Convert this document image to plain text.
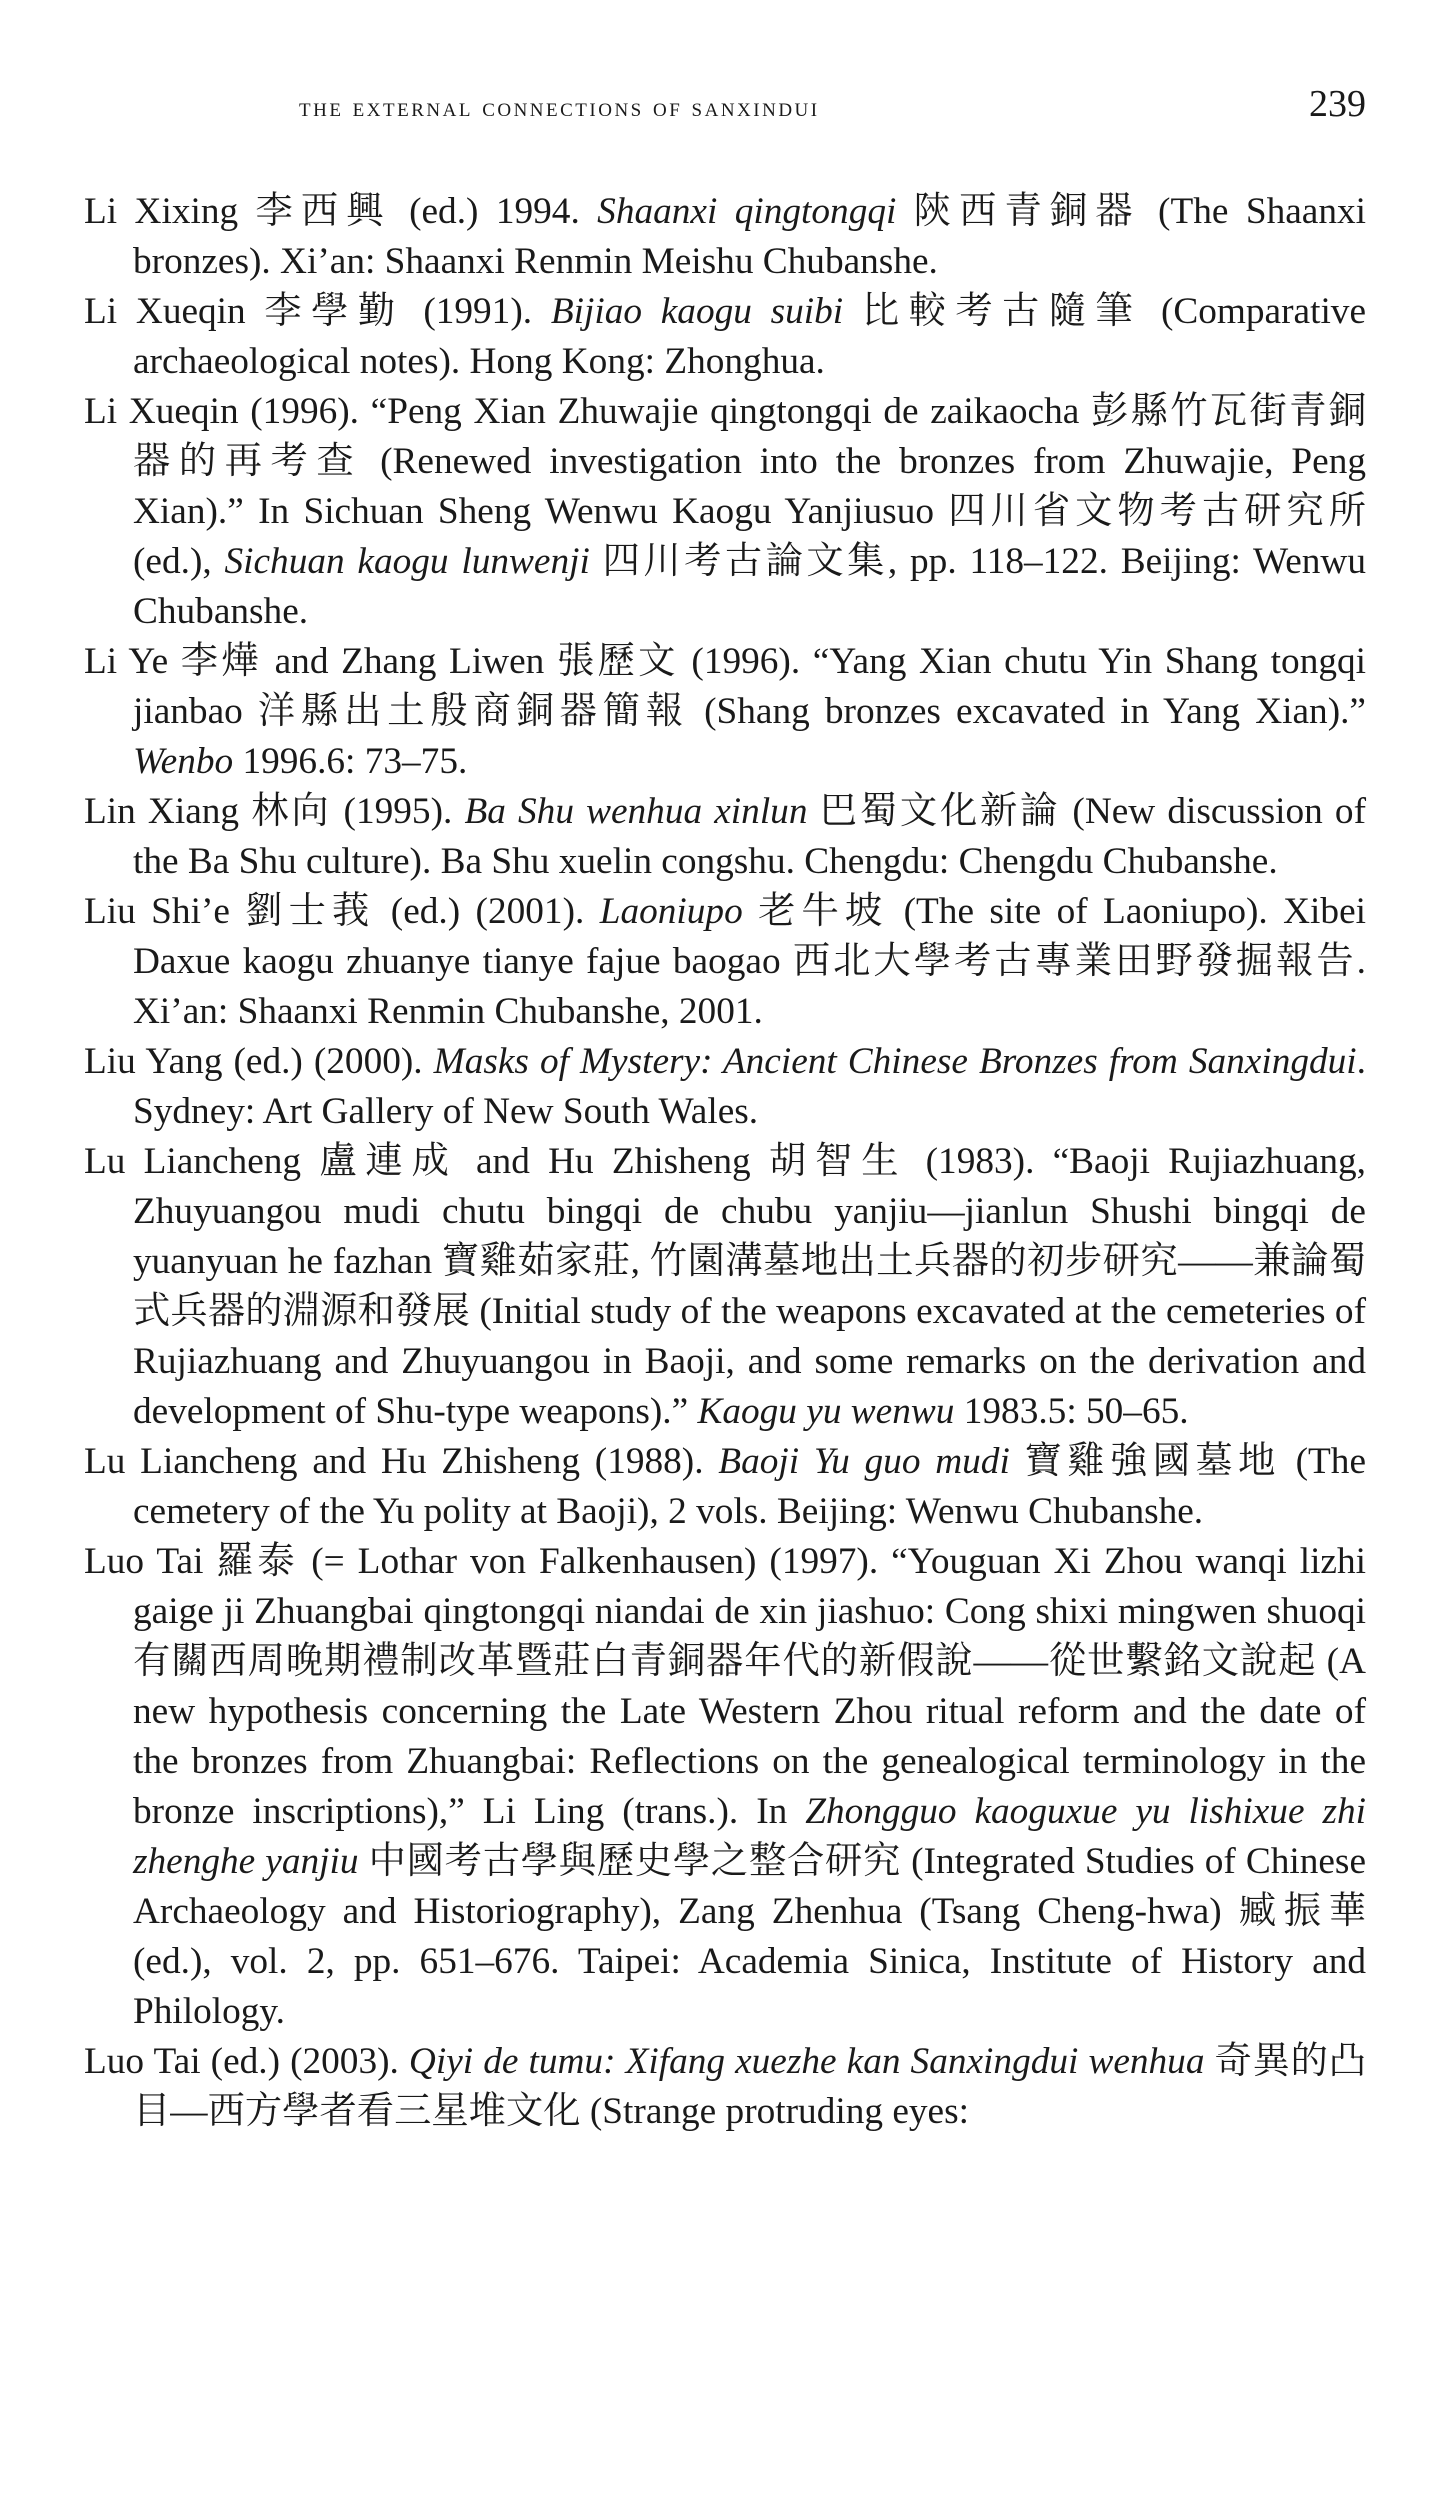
the external connections of sanxindui	239

Li Xixing 李西興 (ed.) 1994. Shaanxi qingtongqi 陝西青銅器 (The Shaanxi bronzes). Xi’an: Shaanxi Renmin Meishu Chubanshe.

Li Xueqin 李學勤 (1991). Bijiao kaogu suibi 比較考古隨筆 (Comparative archaeological notes). Hong Kong: Zhonghua.

Li Xueqin (1996). “Peng Xian Zhuwajie qingtongqi de zaikaocha 彭縣竹瓦街青銅器的再考查 (Renewed investigation into the bronzes from Zhuwajie, Peng Xian).” In Sichuan Sheng Wenwu Kaogu Yanjiusuo 四川省文物考古研究所 (ed.), Sichuan kaogu lunwenji 四川考古論文集, pp. 118–122. Beijing: Wenwu Chubanshe.

Li Ye 李燁 and Zhang Liwen 張歷文 (1996). “Yang Xian chutu Yin Shang tongqi jianbao 洋縣出土殷商銅器簡報 (Shang bronzes excavated in Yang Xian).” Wenbo 1996.6: 73–75.

Lin Xiang 林向 (1995). Ba Shu wenhua xinlun 巴蜀文化新論 (New discussion of the Ba Shu culture). Ba Shu xuelin congshu. Chengdu: Chengdu Chubanshe.

Liu Shi’e 劉士莪 (ed.) (2001). Laoniupo 老牛坡 (The site of Laoniupo). Xibei Daxue kaogu zhuanye tianye fajue baogao 西北大學考古專業田野發掘報告. Xi’an: Shaanxi Renmin Chubanshe, 2001.

Liu Yang (ed.) (2000). Masks of Mystery: Ancient Chinese Bronzes from Sanxingdui. Sydney: Art Gallery of New South Wales.

Lu Liancheng 盧連成 and Hu Zhisheng 胡智生 (1983). “Baoji Rujiazhuang, Zhuyuangou mudi chutu bingqi de chubu yanjiu—jianlun Shushi bingqi de yuanyuan he fazhan 寶雞茹家莊, 竹園溝墓地出土兵器的初步研究——兼論蜀式兵器的淵源和發展 (Initial study of the weapons excavated at the cemeteries of Rujiazhuang and Zhuyuangou in Baoji, and some remarks on the derivation and development of Shu-type weapons).” Kaogu yu wenwu 1983.5: 50–65.

Lu Liancheng and Hu Zhisheng (1988). Baoji Yu guo mudi 寶雞強國墓地 (The cemetery of the Yu polity at Baoji), 2 vols. Beijing: Wenwu Chubanshe.

Luo Tai 羅泰 (= Lothar von Falkenhausen) (1997). “Youguan Xi Zhou wanqi lizhi gaige ji Zhuangbai qingtongqi niandai de xin jiashuo: Cong shixi mingwen shuoqi 有關西周晚期禮制改革暨莊白青銅器年代的新假說——從世繫銘文說起 (A new hypothesis concerning the Late Western Zhou ritual reform and the date of the bronzes from Zhuangbai: Reflections on the genealogical terminology in the bronze inscriptions),” Li Ling (trans.). In Zhongguo kaoguxue yu lishixue zhi zhenghe yanjiu 中國考古學與歷史學之整合研究 (Integrated Studies of Chinese Archaeology and Historiography), Zang Zhenhua (Tsang Cheng-hwa) 臧振華 (ed.), vol. 2, pp. 651–676. Taipei: Academia Sinica, Institute of History and Philology.

Luo Tai (ed.) (2003). Qiyi de tumu: Xifang xuezhe kan Sanxingdui wenhua 奇異的凸目—西方學者看三星堆文化 (Strange protruding eyes:
